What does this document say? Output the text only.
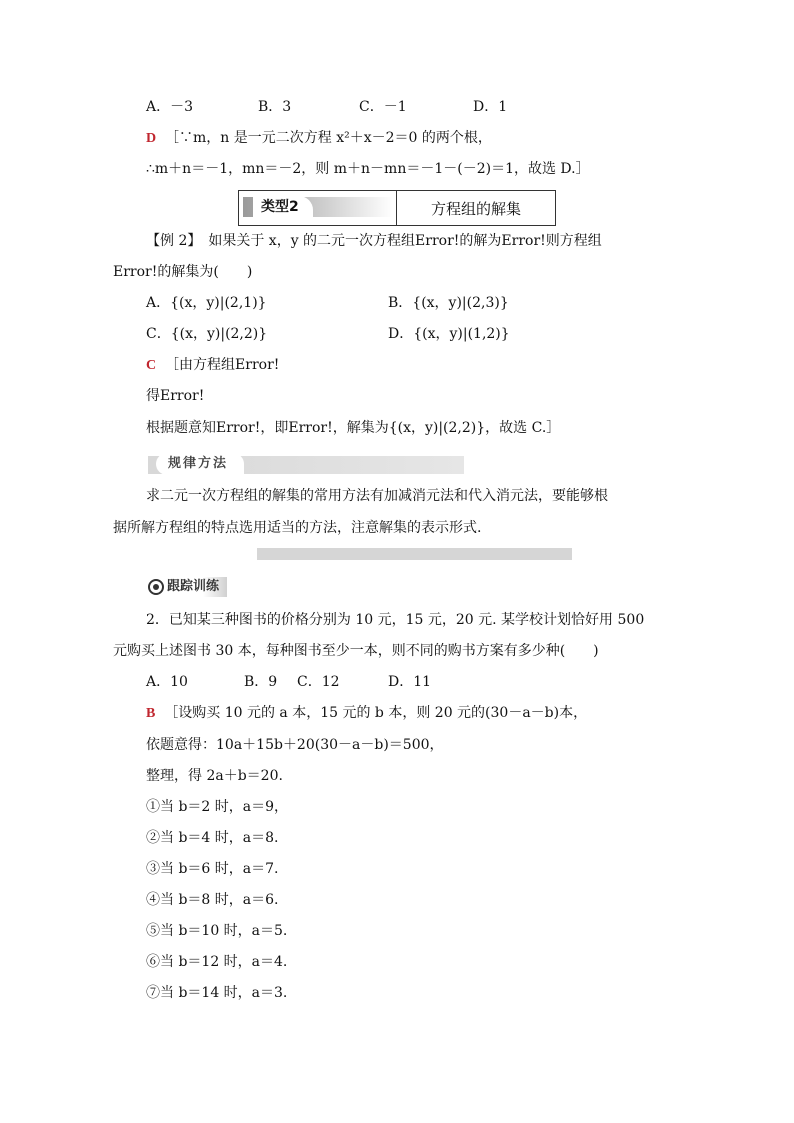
A．－3	B．3	C．－1	D．1
D ［∵m，n 是一元二次方程 x²＋x－2＝0 的两个根，
∴m＋n＝－1，mn＝－2，则 m＋n－mn＝－1－(－2)＝1，故选 D.］
类型2	方程组的解集
【例 2】　如果关于 x，y 的二元一次方程组Error!的解为Error!则方程组
Error!的解集为(　　)
A．{(x，y)|(2,1)}	B．{(x，y)|(2,3)}
C．{(x，y)|(2,2)}	D．{(x，y)|(1,2)}
C ［由方程组Error!
得Error!
根据题意知Error!，即Error!，解集为{(x，y)|(2,2)}，故选 C.］
规律方法
求二元一次方程组的解集的常用方法有加减消元法和代入消元法，要能够根
据所解方程组的特点选用适当的方法，注意解集的表示形式.
跟踪训练
2．已知某三种图书的价格分别为 10 元，15 元，20 元. 某学校计划恰好用 500
元购买上述图书 30 本，每种图书至少一本，则不同的购书方案有多少种(　　)
A．10	B．9 C．12	D．11
B ［设购买 10 元的 a 本，15 元的 b 本，则 20 元的(30－a－b)本，
依题意得：10a＋15b＋20(30－a－b)＝500，
整理，得 2a＋b＝20.
①当 b＝2 时，a＝9，
②当 b＝4 时，a＝8.
③当 b＝6 时，a＝7.
④当 b＝8 时，a＝6.
⑤当 b＝10 时，a＝5.
⑥当 b＝12 时，a＝4.
⑦当 b＝14 时，a＝3.
